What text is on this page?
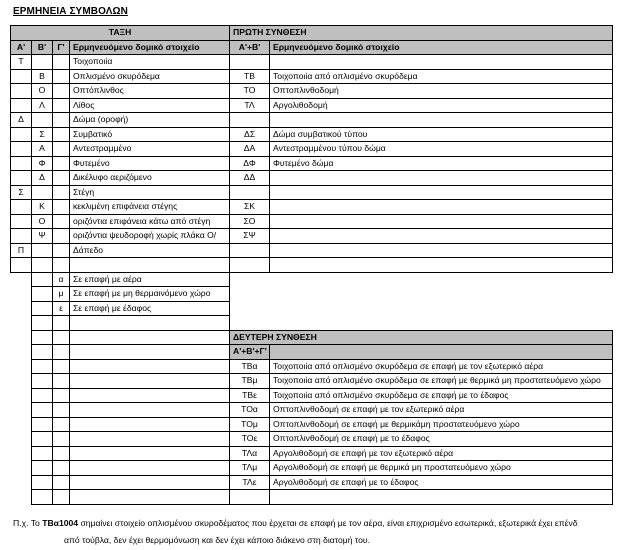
ΕΡΜΗΝΕΙΑ ΣΥΜΒΟΛΩΝ
ΤΑΞΗ				ΠΡΩΤΗ ΣΥΝΘΕΣΗ	
Α'	Β'	Γ'	Ερμηνευόμενο δομικό στοιχείο	Α'+Β'	Ερμηνευόμενο δομικό στοιχείο
Τ			Τοιχοποιία		
	Β		Οπλισμένο σκυρόδεμα	ΤΒ	Τοιχοποιία από οπλισμένο σκυρόδεμα
	Ο		Οπτόπλινθος	ΤΟ	Οπτοπλινθοδομή
	Λ		Λίθος	ΤΛ	Αργολιθοδομή
Δ			Δώμα (οροφή)		
	Σ		Συμβατικό	ΔΣ	Δώμα συμβατικού τύπου
	Α		Αντεστραμμένο	ΔΑ	Αντεστραμμένου τύπου δώμα
	Φ		Φυτεμένο	ΔΦ	Φυτεμένο δώμα
	Δ		Δικέλυφο αεριζόμενο	ΔΔ	
Σ			Στέγη		
	Κ		κεκλιμένη επιφάνεια στέγης	ΣΚ	
	Ο		οριζόντια επιφάνεια κάτω από στέγη	ΣΟ	
	Ψ		οριζόντια ψευδοροφή χωρίς πλάκα Ο/	ΣΨ	
Π			Δάπεδο		

		α	Σε επαφή με αέρα		
		μ	Σε επαφή με μη θερμαινόμενο χώρο		
		ε	Σε επαφή με έδαφος		

				ΔΕΥΤΕΡΗ ΣΥΝΘΕΣΗ	
				Α'+Β'+Γ'	
				ΤΒα	Τοιχοποιία από οπλισμένο σκυρόδεμα σε επαφή με τον εξωτερικό αέρα
				ΤΒμ	Τοιχοποιία από οπλισμένο σκυρόδεμα σε επαφή με θερμικά μη προστατευόμενο χώρο
				ΤΒε	Τοιχοποιία από οπλισμένο σκυρόδεμα σε επαφή με το έδαφος
				ΤΟα	Οπτοπλινθοδομή σε επαφή με τον εξωτερικό αέρα
				ΤΟμ	Οπτοπλινθοδομή σε επαφή με θερμικάμη προστατευόμενο χώρο
				ΤΟε	Οπτοπλινθοδομή σε επαφή με το έδαφος
				ΤΛα	Αργολιθοδομή σε επαφή με τον εξωτερικό αέρα
				ΤΛμ	Αργολιθοδομή σε επαφή με θερμικά μη προστατευόμενο χώρο
				ΤΛε	Αργολιθοδομή σε επαφή με το έδαφος

Π.χ. Το ΤΒα1004 σημαίνει στοιχείο οπλισμένου σκυροδέματος που έρχεται σε επαφή με τον αέρα, είναι επιχρισμένο εσωτερικά, εξωτερικά έχει επένδ
από τούβλα, δεν έχει θερμομόνωση και δεν έχει κάποιο διάκενο στη διατομή του.
